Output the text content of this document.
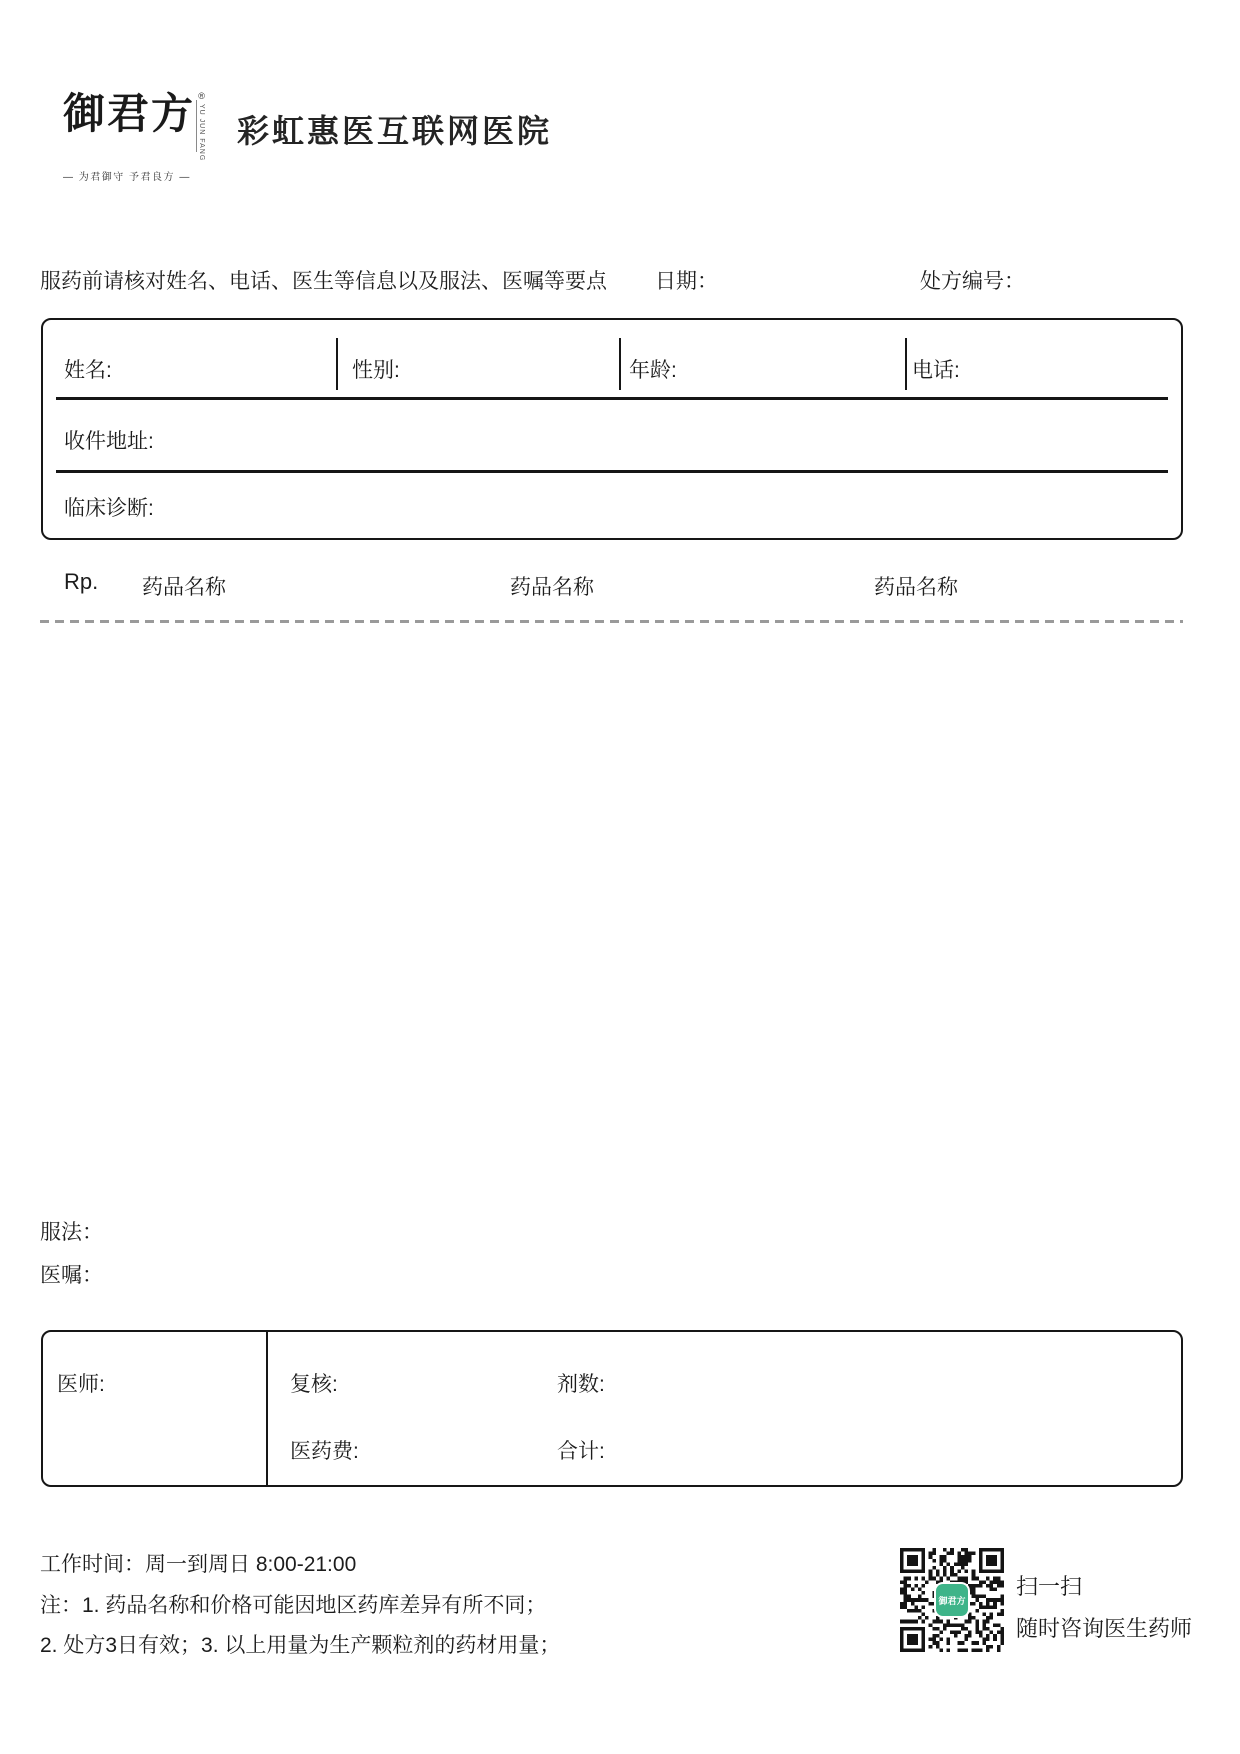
御君方 ®
YU JUN FANG
— 为君御守 予君良方 —
彩虹惠医互联网医院
服药前请核对姓名、电话、医生等信息以及服法、医嘱等要点 日期：	处方编号：
姓名:	性别:	年龄:	电话:
收件地址:
临床诊断:
Rp. 药品名称	药品名称	药品名称
服法：
医嘱：
医师:	复核:	剂数:
医药费:	合计:
工作时间：周一到周日 8:00-21:00
注：1. 药品名称和价格可能因地区药库差异有所不同；
2. 处方3日有效；3. 以上用量为生产颗粒剂的药材用量；
御君方
扫一扫
随时咨询医生药师
